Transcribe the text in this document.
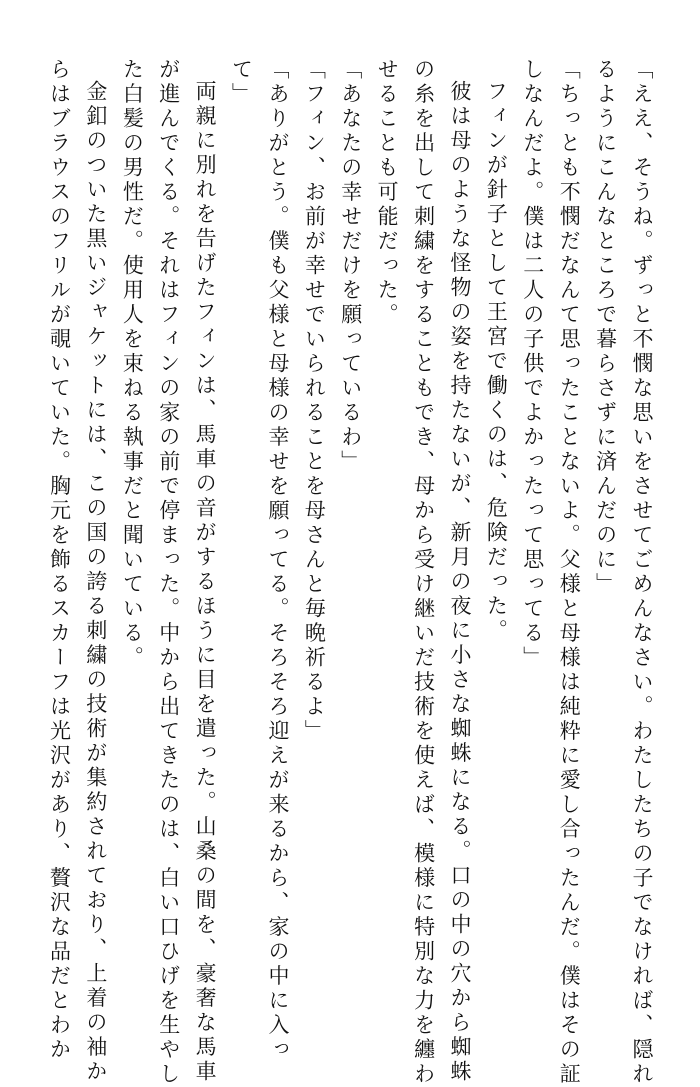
「ええ、そうね。ずっと不憫な思いをさせてごめんなさい。わたしたちの子でなければ、隠れ

るようにこんなところで暮らさずに済んだのに」

「ちっとも不憫だなんて思ったことないよ。父様と母様は純粋に愛し合ったんだ。僕はその証

しなんだよ。僕は二人の子供でよかったって思ってる」

フィンが針子として王宮で働くのは、危険だった。

彼は母のような怪物の姿を持たないが、新月の夜に小さな蜘蛛になる。口の中の穴から蜘蛛

の糸を出して刺繍をすることもでき、母から受け継いだ技術を使えば、模様に特別な力を纏わ

せることも可能だった。

「あなたの幸せだけを願っているわ」

「フィン、お前が幸せでいられることを母さんと毎晩祈るよ」

「ありがとう。僕も父様と母様の幸せを願ってる。そろそろ迎えが来るから、家の中に入っ

て」

両親に別れを告げたフィンは、馬車の音がするほうに目を遣った。山桑の間を、豪奢な馬車

が進んでくる。それはフィンの家の前で停まった。中から出てきたのは、白い口ひげを生やし

た白髪の男性だ。使用人を束ねる執事だと聞いている。

金釦のついた黒いジャケットには、この国の誇る刺繍の技術が集約されており、上着の袖か

らはブラウスのフリルが覗いていた。胸元を飾るスカーフは光沢があり、贅沢な品だとわか
